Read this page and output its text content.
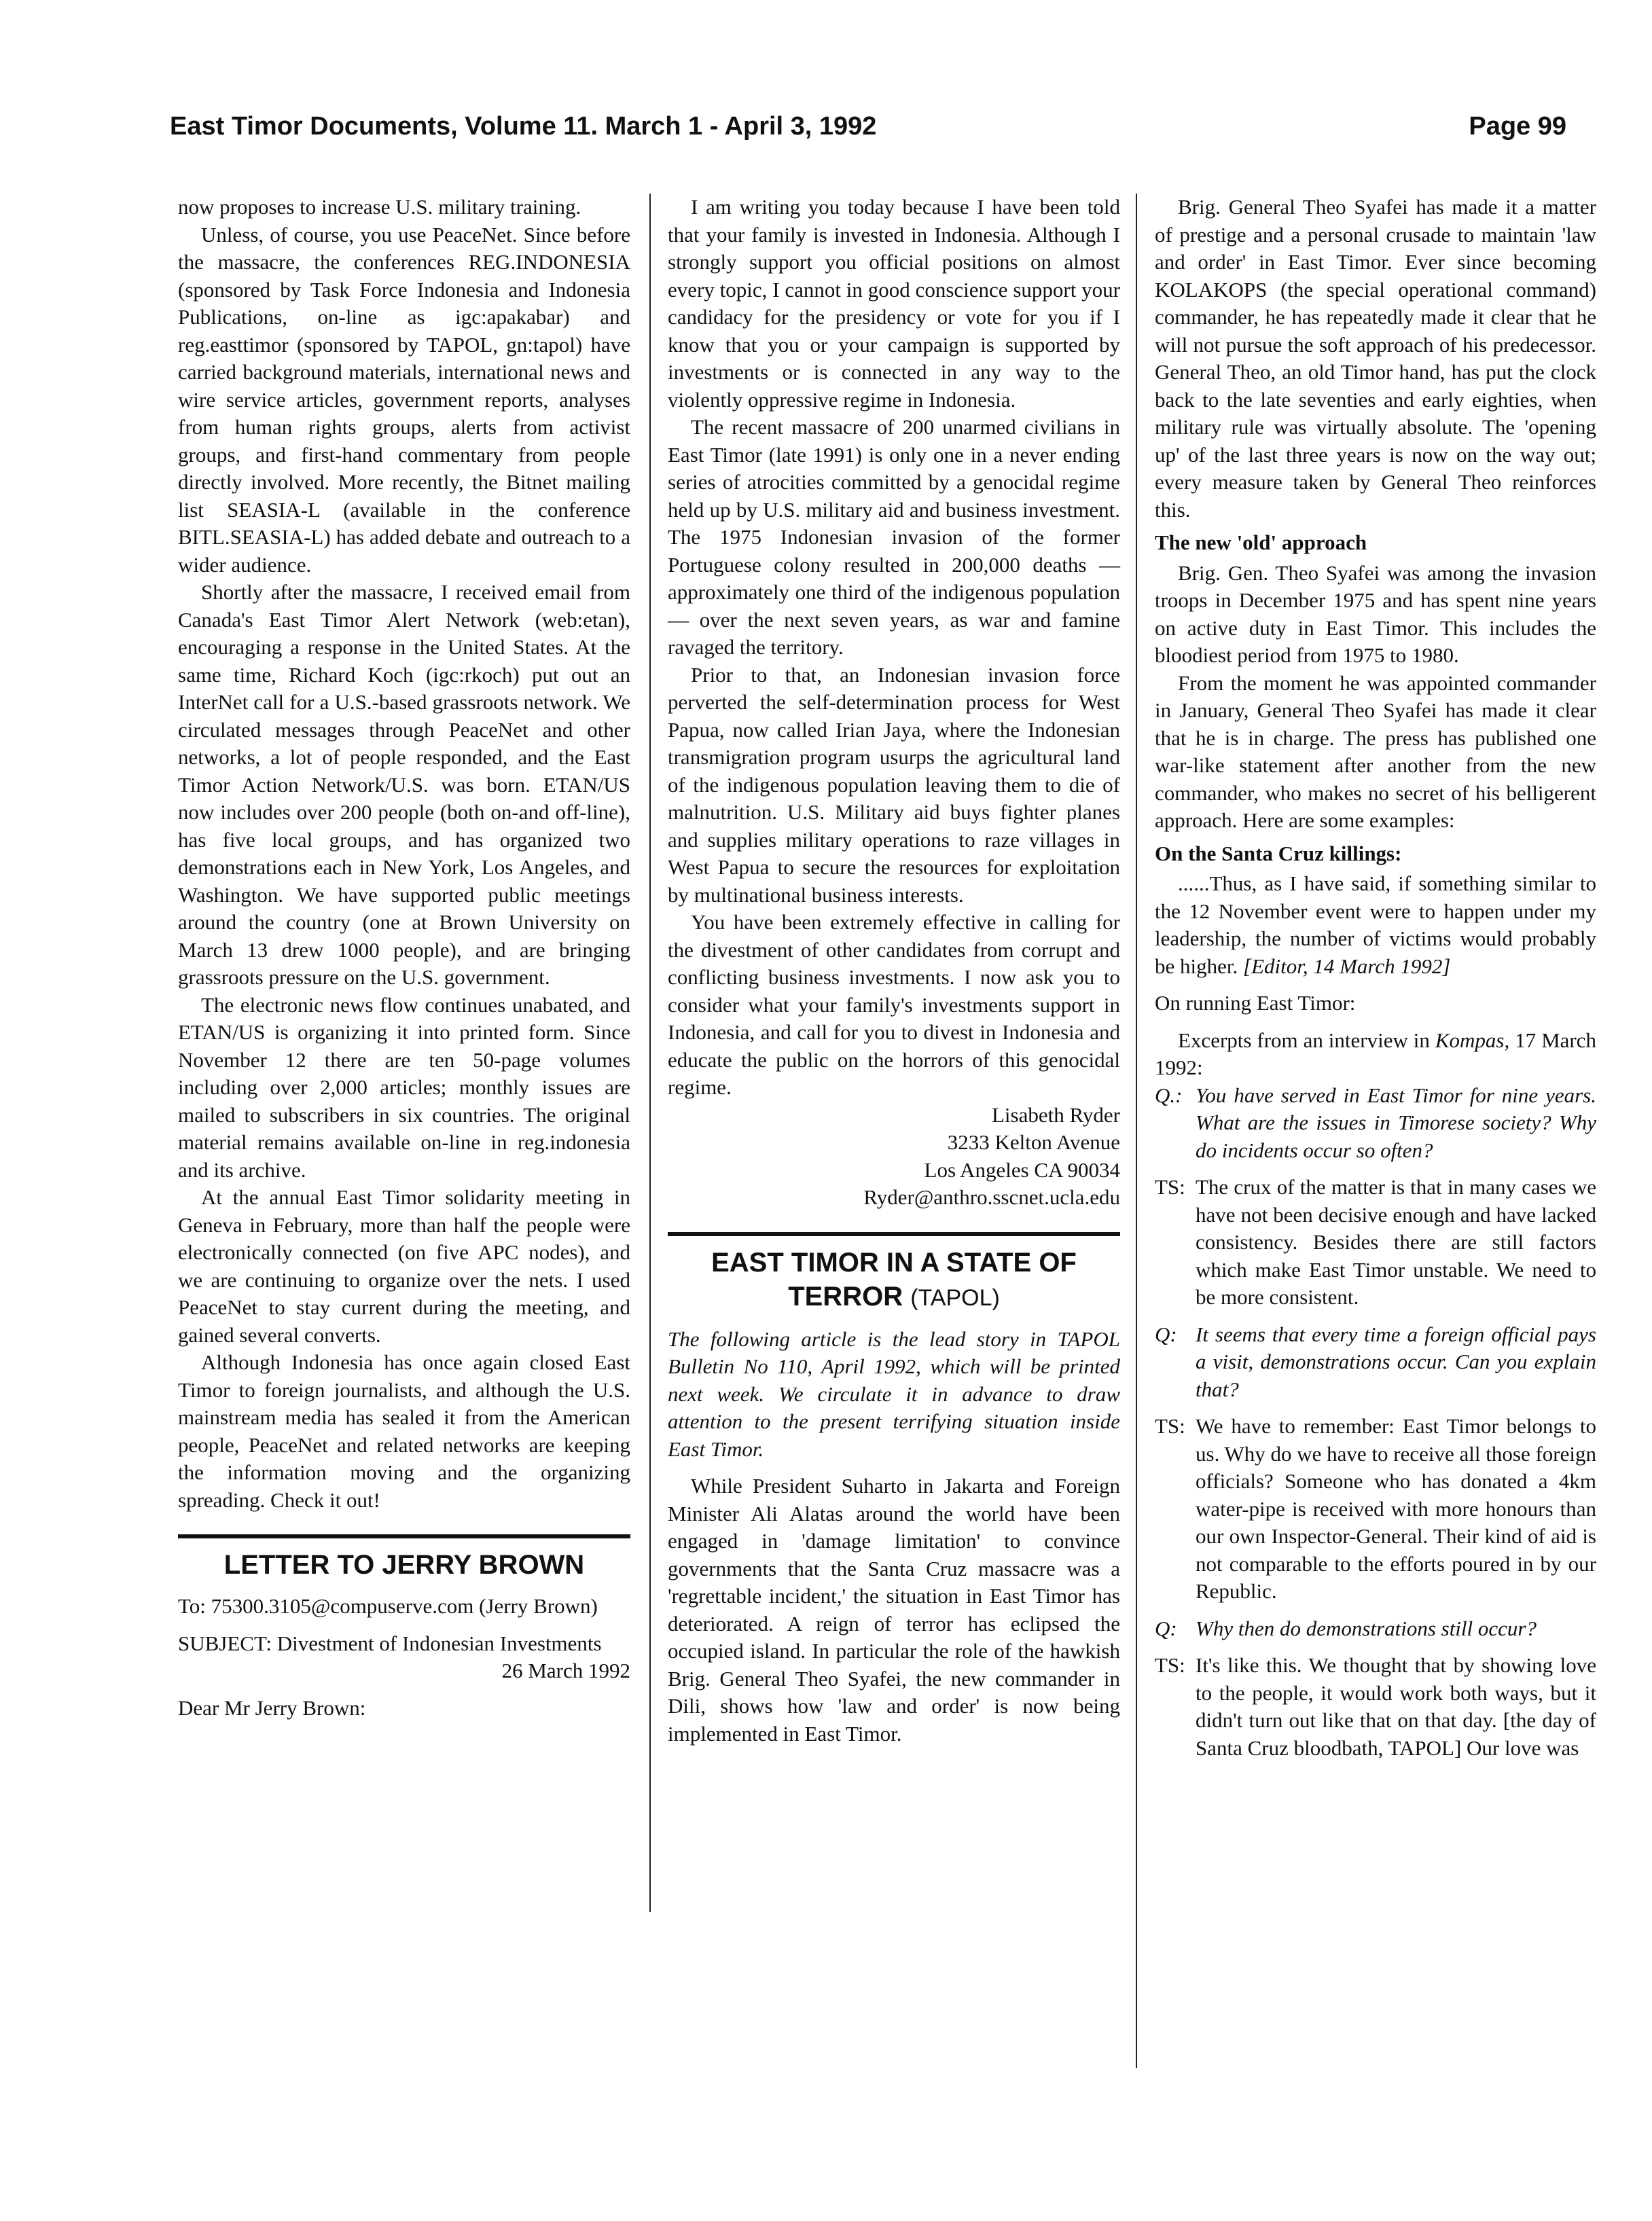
East Timor Documents, Volume 11. March 1 - April 3, 1992	Page 99

now proposes to increase U.S. military training.

Unless, of course, you use PeaceNet. Since before the massacre, the conferences REG.INDONESIA (sponsored by Task Force Indonesia and Indonesia Publications, on-line as igc:apakabar) and reg.easttimor (sponsored by TAPOL, gn:tapol) have carried background materials, international news and wire service articles, government reports, analyses from human rights groups, alerts from activist groups, and first-hand commentary from people directly involved. More recently, the Bitnet mailing list SEASIA-L (available in the conference BITL.SEASIA-L) has added debate and outreach to a wider audience.

Shortly after the massacre, I received email from Canada's East Timor Alert Network (web:etan), encouraging a response in the United States. At the same time, Richard Koch (igc:rkoch) put out an InterNet call for a U.S.-based grassroots network. We circulated messages through PeaceNet and other networks, a lot of people responded, and the East Timor Action Network/U.S. was born. ETAN/US now includes over 200 people (both on-and off-line), has five local groups, and has organized two demonstrations each in New York, Los Angeles, and Washington. We have supported public meetings around the country (one at Brown University on March 13 drew 1000 people), and are bringing grassroots pressure on the U.S. government.

The electronic news flow continues unabated, and ETAN/US is organizing it into printed form. Since November 12 there are ten 50-page volumes including over 2,000 articles; monthly issues are mailed to subscribers in six countries. The original material remains available on-line in reg.indonesia and its archive.

At the annual East Timor solidarity meeting in Geneva in February, more than half the people were electronically connected (on five APC nodes), and we are continuing to organize over the nets. I used PeaceNet to stay current during the meeting, and gained several converts.

Although Indonesia has once again closed East Timor to foreign journalists, and although the U.S. mainstream media has sealed it from the American people, PeaceNet and related networks are keeping the information moving and the organizing spreading. Check it out!

LETTER TO JERRY BROWN

To: 75300.3105@compuserve.com (Jerry Brown)

SUBJECT: Divestment of Indonesian Investments

26 March 1992

Dear Mr Jerry Brown:

I am writing you today because I have been told that your family is invested in Indonesia. Although I strongly support you official positions on almost every topic, I cannot in good conscience support your candidacy for the presidency or vote for you if I know that you or your campaign is supported by investments or is connected in any way to the violently oppressive regime in Indonesia.

The recent massacre of 200 unarmed civilians in East Timor (late 1991) is only one in a never ending series of atrocities committed by a genocidal regime held up by U.S. military aid and business investment. The 1975 Indonesian invasion of the former Portuguese colony resulted in 200,000 deaths — approximately one third of the indigenous population — over the next seven years, as war and famine ravaged the territory.

Prior to that, an Indonesian invasion force perverted the self-determination process for West Papua, now called Irian Jaya, where the Indonesian transmigration program usurps the agricultural land of the indigenous population leaving them to die of malnutrition. U.S. Military aid buys fighter planes and supplies military operations to raze villages in West Papua to secure the resources for exploitation by multinational business interests.

You have been extremely effective in calling for the divestment of other candidates from corrupt and conflicting business investments. I now ask you to consider what your family's investments support in Indonesia, and call for you to divest in Indonesia and educate the public on the horrors of this genocidal regime.

Lisabeth Ryder

3233 Kelton Avenue

Los Angeles CA 90034

Ryder@anthro.sscnet.ucla.edu

EAST TIMOR IN A STATE OF TERROR (TAPOL)

The following article is the lead story in TAPOL Bulletin No 110, April 1992, which will be printed next week. We circulate it in advance to draw attention to the present terrifying situation inside East Timor.

While President Suharto in Jakarta and Foreign Minister Ali Alatas around the world have been engaged in 'damage limitation' to convince governments that the Santa Cruz massacre was a 'regrettable incident,' the situation in East Timor has deteriorated. A reign of terror has eclipsed the occupied island. In particular the role of the hawkish Brig. General Theo Syafei, the new commander in Dili, shows how 'law and order' is now being implemented in East Timor.

Brig. General Theo Syafei has made it a matter of prestige and a personal crusade to maintain 'law and order' in East Timor. Ever since becoming KOLAKOPS (the special operational command) commander, he has repeatedly made it clear that he will not pursue the soft approach of his predecessor. General Theo, an old Timor hand, has put the clock back to the late seventies and early eighties, when military rule was virtually absolute. The 'opening up' of the last three years is now on the way out; every measure taken by General Theo reinforces this.

The new 'old' approach

Brig. Gen. Theo Syafei was among the invasion troops in December 1975 and has spent nine years on active duty in East Timor. This includes the bloodiest period from 1975 to 1980.

From the moment he was appointed commander in January, General Theo Syafei has made it clear that he is in charge. The press has published one war-like statement after another from the new commander, who makes no secret of his belligerent approach. Here are some examples:

On the Santa Cruz killings:

......Thus, as I have said, if something similar to the 12 November event were to happen under my leadership, the number of victims would probably be higher. [Editor, 14 March 1992]

On running East Timor:

Excerpts from an interview in Kompas, 17 March 1992:

Q.: You have served in East Timor for nine years. What are the issues in Timorese society? Why do incidents occur so often?

TS: The crux of the matter is that in many cases we have not been decisive enough and have lacked consistency. Besides there are still factors which make East Timor unstable. We need to be more consistent.

Q: It seems that every time a foreign official pays a visit, demonstrations occur. Can you explain that?

TS: We have to remember: East Timor belongs to us. Why do we have to receive all those foreign officials? Someone who has donated a 4km water-pipe is received with more honours than our own Inspector-General. Their kind of aid is not comparable to the efforts poured in by our Republic.

Q: Why then do demonstrations still occur?

TS: It's like this. We thought that by showing love to the people, it would work both ways, but it didn't turn out like that on that day. [the day of Santa Cruz bloodbath, TAPOL] Our love was
